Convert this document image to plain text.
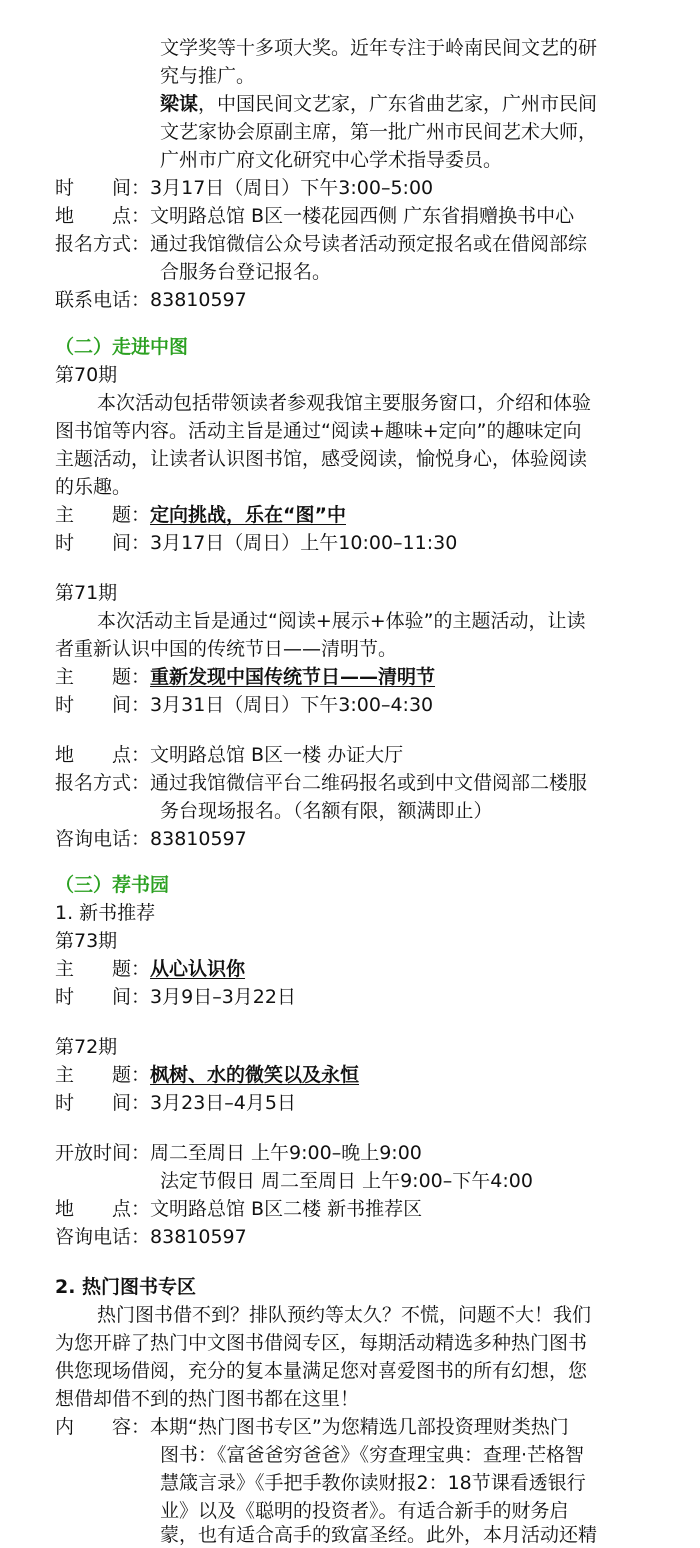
文学奖等十多项大奖。近年专注于岭南民间文艺的研
究与推广。
梁谋，中国民间文艺家，广东省曲艺家，广州市民间
文艺家协会原副主席，第一批广州市民间艺术大师，
广州市广府文化研究中心学术指导委员。
时　　间：3月17日（周日）下午3:00–5:00
地　　点：文明路总馆 B区一楼花园西侧 广东省捐赠换书中心
报名方式：通过我馆微信公众号读者活动预定报名或在借阅部综
合服务台登记报名。
联系电话：83810597
（二）走进中图
第70期
本次活动包括带领读者参观我馆主要服务窗口，介绍和体验
图书馆等内容。活动主旨是通过“阅读+趣味+定向”的趣味定向
主题活动，让读者认识图书馆，感受阅读，愉悦身心，体验阅读
的乐趣。
主　　题：定向挑战，乐在“图”中
时　　间：3月17日（周日）上午10:00–11:30
第71期
本次活动主旨是通过“阅读+展示+体验”的主题活动，让读
者重新认识中国的传统节日——清明节。
主　　题：重新发现中国传统节日——清明节
时　　间：3月31日（周日）下午3:00–4:30
地　　点：文明路总馆 B区一楼 办证大厅
报名方式：通过我馆微信平台二维码报名或到中文借阅部二楼服
务台现场报名。（名额有限，额满即止）
咨询电话：83810597
（三）荐书园
1. 新书推荐
第73期
主　　题：从心认识你
时　　间：3月9日–3月22日
第72期
主　　题：枫树、水的微笑以及永恒
时　　间：3月23日–4月5日
开放时间：周二至周日 上午9:00–晚上9:00
法定节假日 周二至周日 上午9:00–下午4:00
地　　点：文明路总馆 B区二楼 新书推荐区
咨询电话：83810597
2. 热门图书专区
热门图书借不到？排队预约等太久？不慌，问题不大！我们
为您开辟了热门中文图书借阅专区，每期活动精选多种热门图书
供您现场借阅，充分的复本量满足您对喜爱图书的所有幻想，您
想借却借不到的热门图书都在这里！
内　　容：本期“热门图书专区”为您精选几部投资理财类热门
图书：《富爸爸穷爸爸》《穷查理宝典：查理·芒格智
慧箴言录》《手把手教你读财报2：18节课看透银行
业》以及《聪明的投资者》。有适合新手的财务启
蒙，也有适合高手的致富圣经。此外，本月活动还精
